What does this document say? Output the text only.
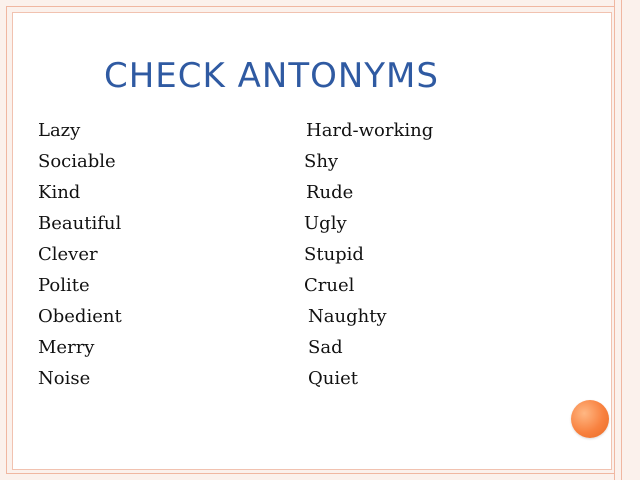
CHECK ANTONYMS
Lazy	Hard-working
Sociable	Shy
Kind	Rude
Beautiful	Ugly
Clever	Stupid
Polite	Cruel
Obedient	Naughty
Merry	Sad
Noise	Quiet
